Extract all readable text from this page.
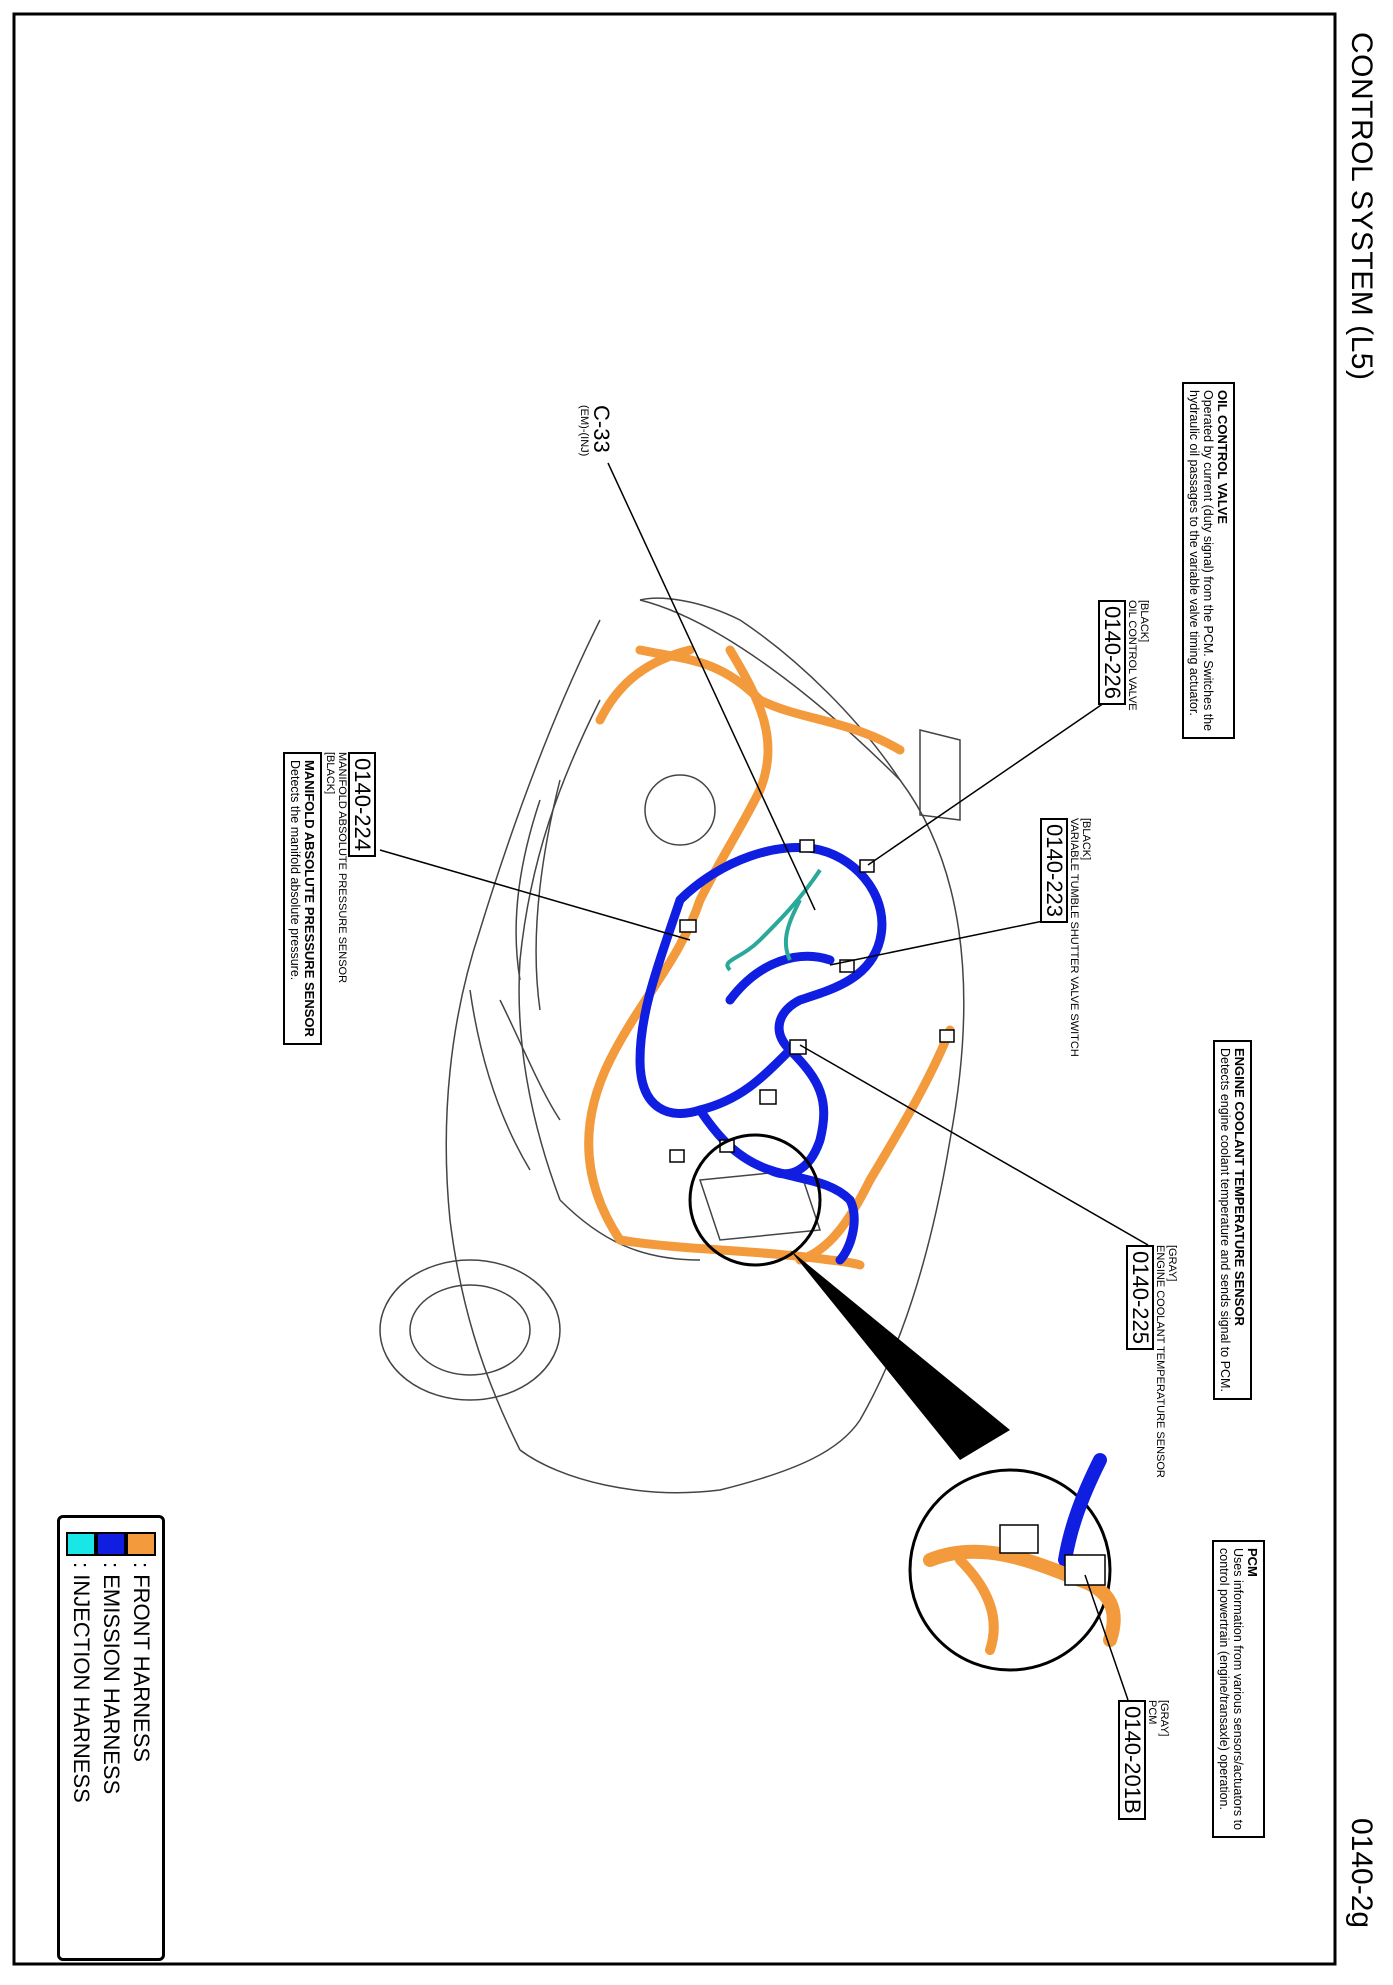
CONTROL SYSTEM (L5)
0140-2g
OIL CONTROL VALVE
Operated by current (duty signal) from the PCM. Switches the
hydraulic oil passages to the variable valve timing actuator.
[BLACK]
OIL CONTROL VALVE
0140-226
C-33
(EM)-(INJ)
[BLACK]
VARIABLE TUMBLE SHUTTER VALVE SWITCH
0140-223
0140-224
MANIFOLD ABSOLUTE PRESSURE SENSOR
[BLACK]
MANIFOLD ABSOLUTE PRESSURE SENSOR
Detects the manifold absolute pressure.
ENGINE COOLANT TEMPERATURE SENSOR
Detects engine coolant temperature and sends signal to PCM.
[GRAY]
ENGINE COOLANT TEMPERATURE SENSOR
0140-225
PCM
Uses information from various sensors/actuators to
control powertrain (engine/transaxle) operation.
[GRAY]
PCM
0140-201B
: FRONT HARNESS
: EMISSION HARNESS
: INJECTION HARNESS
